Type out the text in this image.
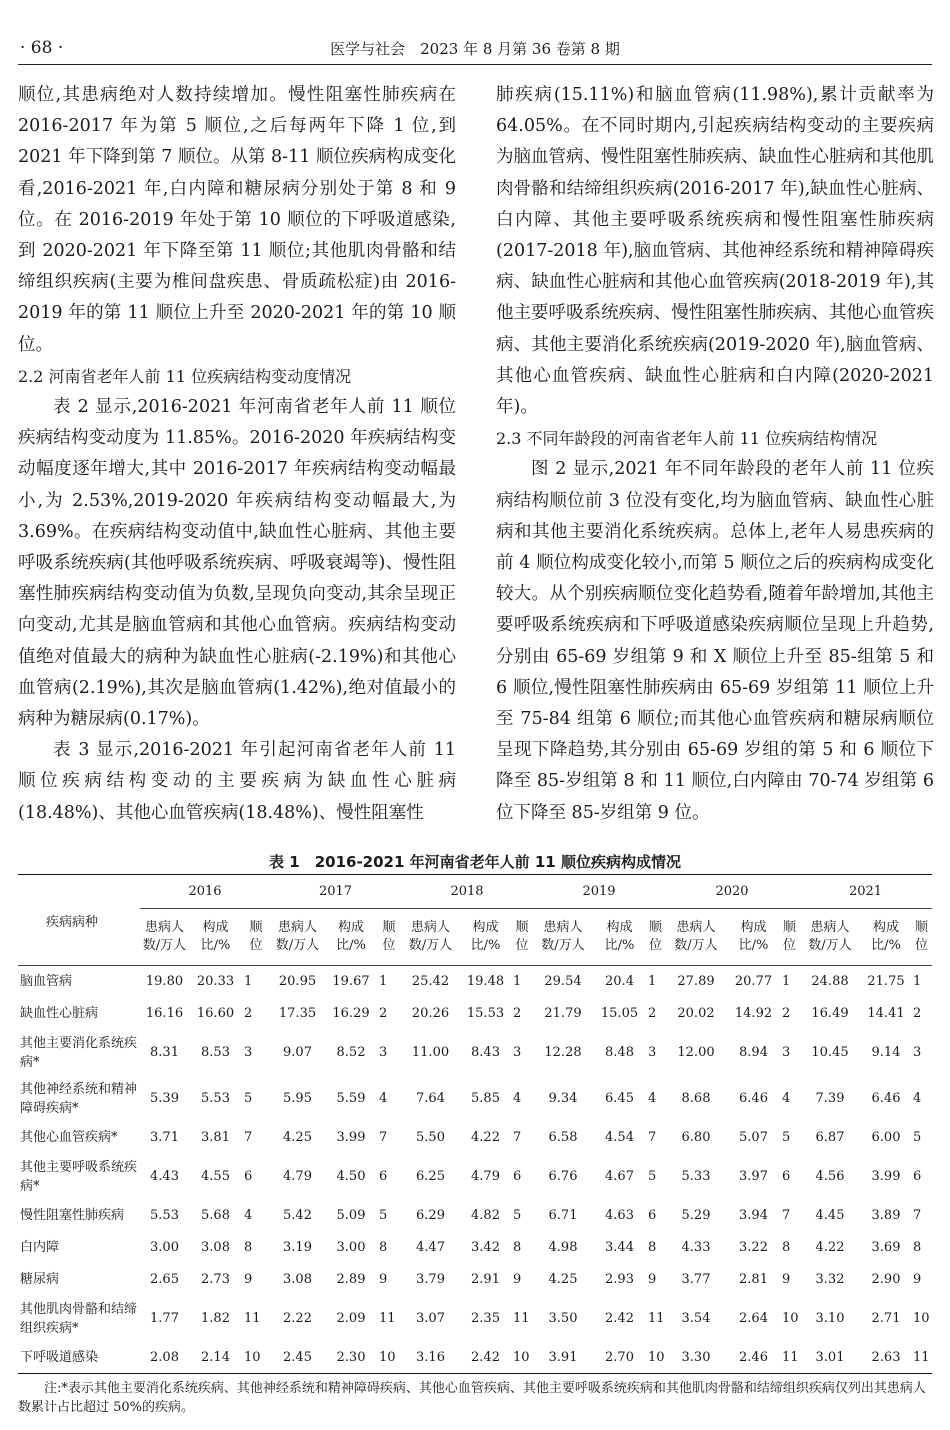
· 68 ·	医学与社会　2023 年 8 月第 36 卷第 8 期

顺位,其患病绝对人数持续增加。慢性阻塞性肺疾病在 2016-2017 年为第 5 顺位,之后每两年下降 1 位,到 2021 年下降到第 7 顺位。从第 8-11 顺位疾病构成变化看,2016-2021 年,白内障和糖尿病分别处于第 8 和 9 位。在 2016-2019 年处于第 10 顺位的下呼吸道感染,到 2020-2021 年下降至第 11 顺位;其他肌肉骨骼和结缔组织疾病(主要为椎间盘疾患、骨质疏松症)由 2016-2019 年的第 11 顺位上升至 2020-2021 年的第 10 顺位。

2.2 河南省老年人前 11 位疾病结构变动度情况

表 2 显示,2016-2021 年河南省老年人前 11 顺位疾病结构变动度为 11.85%。2016-2020 年疾病结构变动幅度逐年增大,其中 2016-2017 年疾病结构变动幅最小,为 2.53%,2019-2020 年疾病结构变动幅最大,为 3.69%。在疾病结构变动值中,缺血性心脏病、其他主要呼吸系统疾病(其他呼吸系统疾病、呼吸衰竭等)、慢性阻塞性肺疾病结构变动值为负数,呈现负向变动,其余呈现正向变动,尤其是脑血管病和其他心血管病。疾病结构变动值绝对值最大的病种为缺血性心脏病(-2.19%)和其他心血管病(2.19%),其次是脑血管病(1.42%),绝对值最小的病种为糖尿病(0.17%)。

表 3 显示,2016-2021 年引起河南省老年人前 11 顺位疾病结构变动的主要疾病为缺血性心脏病(18.48%)、其他心血管疾病(18.48%)、慢性阻塞性

肺疾病(15.11%)和脑血管病(11.98%),累计贡献率为 64.05%。在不同时期内,引起疾病结构变动的主要疾病为脑血管病、慢性阻塞性肺疾病、缺血性心脏病和其他肌肉骨骼和结缔组织疾病(2016-2017 年),缺血性心脏病、白内障、其他主要呼吸系统疾病和慢性阻塞性肺疾病(2017-2018 年),脑血管病、其他神经系统和精神障碍疾病、缺血性心脏病和其他心血管疾病(2018-2019 年),其他主要呼吸系统疾病、慢性阻塞性肺疾病、其他心血管疾病、其他主要消化系统疾病(2019-2020 年),脑血管病、其他心血管疾病、缺血性心脏病和白内障(2020-2021 年)。

2.3 不同年龄段的河南省老年人前 11 位疾病结构情况

图 2 显示,2021 年不同年龄段的老年人前 11 位疾病结构顺位前 3 位没有变化,均为脑血管病、缺血性心脏病和其他主要消化系统疾病。总体上,老年人易患疾病的前 4 顺位构成变化较小,而第 5 顺位之后的疾病构成变化较大。从个别疾病顺位变化趋势看,随着年龄增加,其他主要呼吸系统疾病和下呼吸道感染疾病顺位呈现上升趋势,分别由 65-69 岁组第 9 和 X 顺位上升至 85-组第 5 和 6 顺位,慢性阻塞性肺疾病由 65-69 岁组第 11 顺位上升至 75-84 组第 6 顺位;而其他心血管疾病和糖尿病顺位呈现下降趋势,其分别由 65-69 岁组的第 5 和 6 顺位下降至 85-岁组第 8 和 11 顺位,白内障由 70-74 岁组第 6 位下降至 85-岁组第 9 位。

表 1　2016-2021 年河南省老年人前 11 顺位疾病构成情况
疾病病种	2016			2017			2018			2019			2020			2021		
	患病人
数/万人	构成
比/%	顺
位	患病人
数/万人	构成
比/%	顺
位	患病人
数/万人	构成
比/%	顺
位	患病人
数/万人	构成
比/%	顺
位	患病人
数/万人	构成
比/%	顺
位	患病人
数/万人	构成
比/%	顺
位
脑血管病	19.80	20.33	1	20.95	19.67	1	25.42	19.48	1	29.54	20.4	1	27.89	20.77	1	24.88	21.75	1
缺血性心脏病	16.16	16.60	2	17.35	16.29	2	20.26	15.53	2	21.79	15.05	2	20.02	14.92	2	16.49	14.41	2
其他主要消化系统疾病*	8.31	8.53	3	9.07	8.52	3	11.00	8.43	3	12.28	8.48	3	12.00	8.94	3	10.45	9.14	3
其他神经系统和精神障碍疾病*	5.39	5.53	5	5.95	5.59	4	7.64	5.85	4	9.34	6.45	4	8.68	6.46	4	7.39	6.46	4
其他心血管疾病*	3.71	3.81	7	4.25	3.99	7	5.50	4.22	7	6.58	4.54	7	6.80	5.07	5	6.87	6.00	5
其他主要呼吸系统疾病*	4.43	4.55	6	4.79	4.50	6	6.25	4.79	6	6.76	4.67	5	5.33	3.97	6	4.56	3.99	6
慢性阻塞性肺疾病	5.53	5.68	4	5.42	5.09	5	6.29	4.82	5	6.71	4.63	6	5.29	3.94	7	4.45	3.89	7
白内障	3.00	3.08	8	3.19	3.00	8	4.47	3.42	8	4.98	3.44	8	4.33	3.22	8	4.22	3.69	8
糖尿病	2.65	2.73	9	3.08	2.89	9	3.79	2.91	9	4.25	2.93	9	3.77	2.81	9	3.32	2.90	9
其他肌肉骨骼和结缔组织疾病*	1.77	1.82	11	2.22	2.09	11	3.07	2.35	11	3.50	2.42	11	3.54	2.64	10	3.10	2.71	10
下呼吸道感染	2.08	2.14	10	2.45	2.30	10	3.16	2.42	10	3.91	2.70	10	3.30	2.46	11	3.01	2.63	11
注:*表示其他主要消化系统疾病、其他神经系统和精神障碍疾病、其他心血管疾病、其他主要呼吸系统疾病和其他肌肉骨骼和结缔组织疾病仅列出其患病人数累计占比超过 50%的疾病。
